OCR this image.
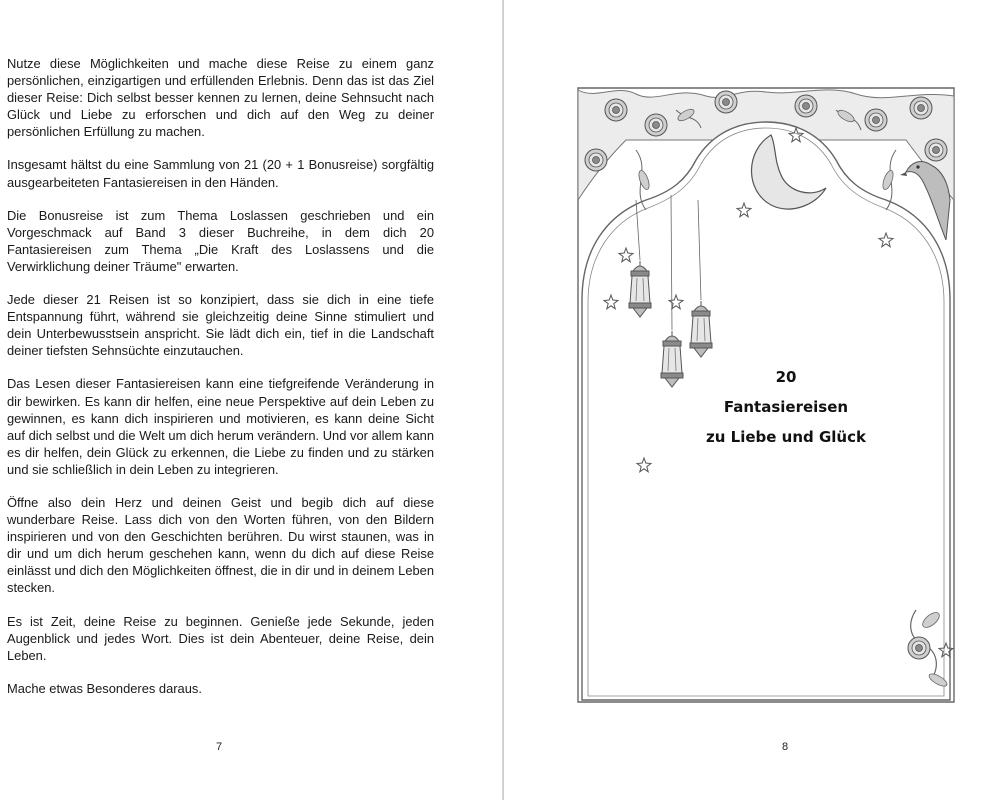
Nutze diese Möglichkeiten und mache diese Reise zu einem ganz persönlichen, einzigartigen und erfüllenden Erlebnis. Denn das ist das Ziel dieser Reise: Dich selbst besser kennen zu lernen, deine Sehnsucht nach Glück und Liebe zu erforschen und dich auf den Weg zu deiner persönlichen Erfüllung zu machen.

Insgesamt hältst du eine Sammlung von 21 (20 + 1 Bonusreise) sorgfältig ausgearbeiteten Fantasiereisen in den Händen.

Die Bonusreise ist zum Thema Loslassen geschrieben und ein Vorgeschmack auf Band 3 dieser Buchreihe, in dem dich 20 Fantasiereisen zum Thema „Die Kraft des Loslassens und die Verwirklichung deiner Träume" erwarten.

Jede dieser 21 Reisen ist so konzipiert, dass sie dich in eine tiefe Entspannung führt, während sie gleichzeitig deine Sinne stimuliert und dein Unterbewusstsein anspricht. Sie lädt dich ein, tief in die Landschaft deiner tiefsten Sehnsüchte einzutauchen.

Das Lesen dieser Fantasiereisen kann eine tiefgreifende Veränderung in dir bewirken. Es kann dir helfen, eine neue Perspektive auf dein Leben zu gewinnen, es kann dich inspirieren und motivieren, es kann deine Sicht auf dich selbst und die Welt um dich herum verändern. Und vor allem kann es dir helfen, dein Glück zu erkennen, die Liebe zu finden und zu stärken und sie schließlich in dein Leben zu integrieren.

Öffne also dein Herz und deinen Geist und begib dich auf diese wunderbare Reise. Lass dich von den Worten führen, von den Bildern inspirieren und von den Geschichten berühren. Du wirst staunen, was in dir und um dich herum geschehen kann, wenn du dich auf diese Reise einlässt und dich den Möglichkeiten öffnest, die in dir und in deinem Leben stecken.

Es ist Zeit, deine Reise zu beginnen. Genieße jede Sekunde, jeden Augenblick und jedes Wort. Dies ist dein Abenteuer, deine Reise, dein Leben.

Mache etwas Besonderes daraus.

7
20
Fantasiereisen
zu Liebe und Glück
8
